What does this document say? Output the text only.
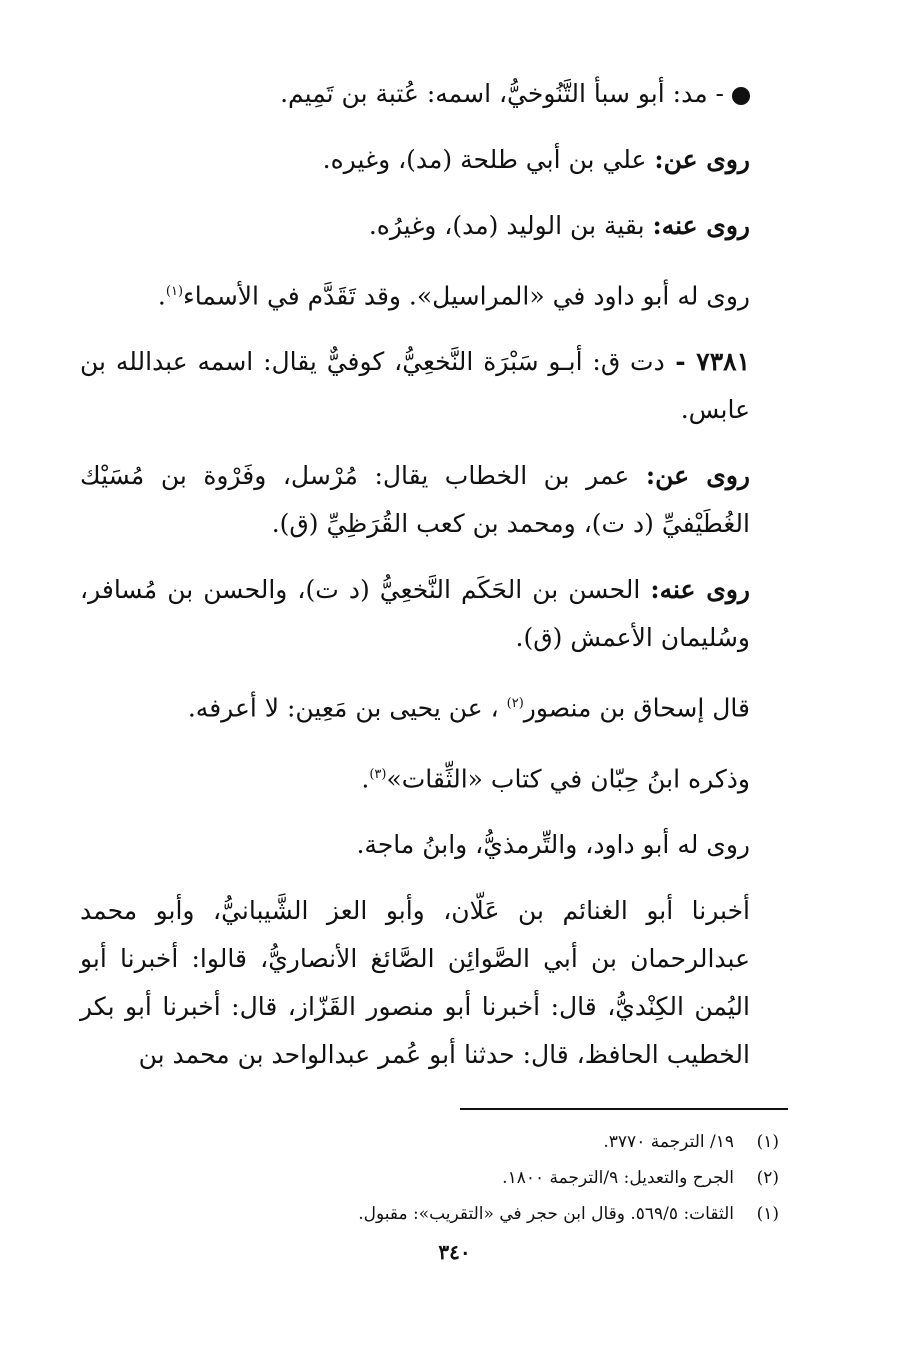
- مد: أبو سبأ التَّنُوخيُّ، اسمه: عُتبة بن تَمِيم.

روى عن: علي بن أبي طلحة (مد)، وغيره.

روى عنه: بقية بن الوليد (مد)، وغيرُه.

روى له أبو داود في «المراسيل». وقد تَقَدَّم في الأسماء$^{(١)}$.

٧٣٨١ - دت ق: أبـو سَبْرَة النَّخعِيُّ، كوفيٌّ يقال: اسمه عبدالله بن عابس.

روى عن: عمر بن الخطاب يقال: مُرْسل، وفَرْوة بن مُسَيْك الغُطَيْفيِّ (د ت)، ومحمد بن كعب القُرَظِيِّ (ق).

روى عنه: الحسن بن الحَكَم النَّخعِيُّ (د ت)، والحسن بن مُسافر، وسُليمان الأعمش (ق).

قال إسحاق بن منصور$^{(٢)}$ ، عن يحيى بن مَعِين: لا أعرفه.

وذكره ابنُ حِبّان في كتاب «الثِّقات»$^{(٣)}$.

روى له أبو داود، والتِّرمذيُّ، وابنُ ماجة.

أخبرنا أبو الغنائم بن عَلّان، وأبو العز الشَّيبانيُّ، وأبو محمد عبدالرحمان بن أبي الصَّوائِن الصَّائغ الأنصاريُّ، قالوا: أخبرنا أبو اليُمن الكِنْديُّ، قال: أخبرنا أبو منصور القَزّاز، قال: أخبرنا أبو بكر الخطيب الحافظ، قال: حدثنا أبو عُمر عبدالواحد بن محمد بن

(١)١٩/ الترجمة ٣٧٧٠.
(٢)الجرح والتعديل: ٩/الترجمة ١٨٠٠.
(١)الثقات: ٥٦٩/٥. وقال ابن حجر في «التقريب»: مقبول.
٣٤٠
